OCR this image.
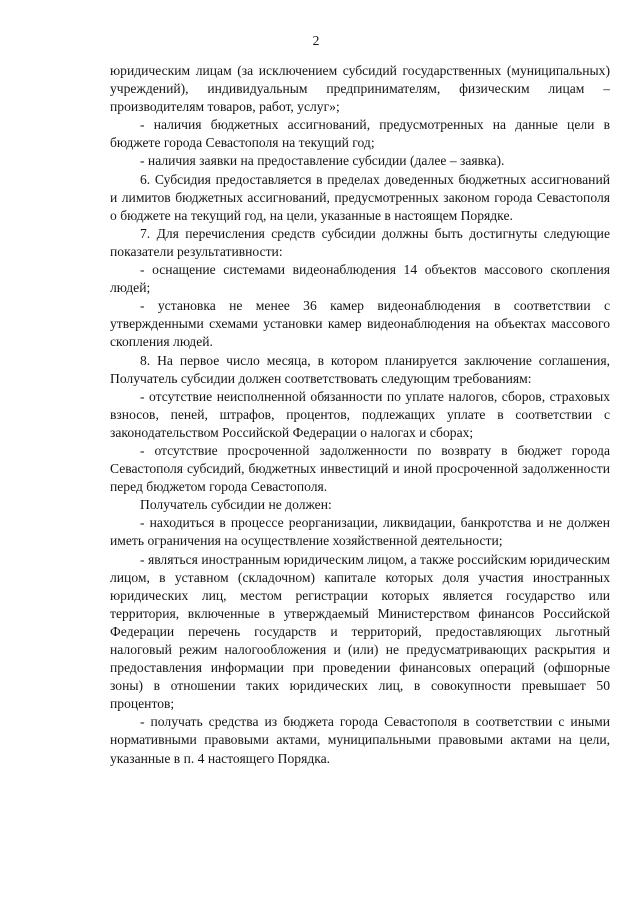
2

юридическим лицам (за исключением субсидий государственных (муниципальных) учреждений), индивидуальным предпринимателям, физическим лицам – производителям товаров, работ, услуг»;

- наличия бюджетных ассигнований, предусмотренных на данные цели в бюджете города Севастополя на текущий год;

- наличия заявки на предоставление субсидии (далее – заявка).

6. Субсидия предоставляется в пределах доведенных бюджетных ассигнований и лимитов бюджетных ассигнований, предусмотренных законом города Севастополя о бюджете на текущий год, на цели, указанные в настоящем Порядке.

7. Для перечисления средств субсидии должны быть достигнуты следующие показатели результативности:

- оснащение системами видеонаблюдения 14 объектов массового скопления людей;

- установка не менее 36 камер видеонаблюдения в соответствии с утвержденными схемами установки камер видеонаблюдения на объектах массового скопления людей.

8. На первое число месяца, в котором планируется заключение соглашения, Получатель субсидии должен соответствовать следующим требованиям:

- отсутствие неисполненной обязанности по уплате налогов, сборов, страховых взносов, пеней, штрафов, процентов, подлежащих уплате в соответствии с законодательством Российской Федерации о налогах и сборах;

- отсутствие просроченной задолженности по возврату в бюджет города Севастополя субсидий, бюджетных инвестиций и иной просроченной задолженности перед бюджетом города Севастополя.

Получатель субсидии не должен:

- находиться в процессе реорганизации, ликвидации, банкротства и не должен иметь ограничения на осуществление хозяйственной деятельности;

- являться иностранным юридическим лицом, а также российским юридическим лицом, в уставном (складочном) капитале которых доля участия иностранных юридических лиц, местом регистрации которых является государство или территория, включенные в утверждаемый Министерством финансов Российской Федерации перечень государств и территорий, предоставляющих льготный налоговый режим налогообложения и (или) не предусматривающих раскрытия и предоставления информации при проведении финансовых операций (офшорные зоны) в отношении таких юридических лиц, в совокупности превышает 50 процентов;

- получать средства из бюджета города Севастополя в соответствии с иными нормативными правовыми актами, муниципальными правовыми актами на цели, указанные в п. 4 настоящего Порядка.
